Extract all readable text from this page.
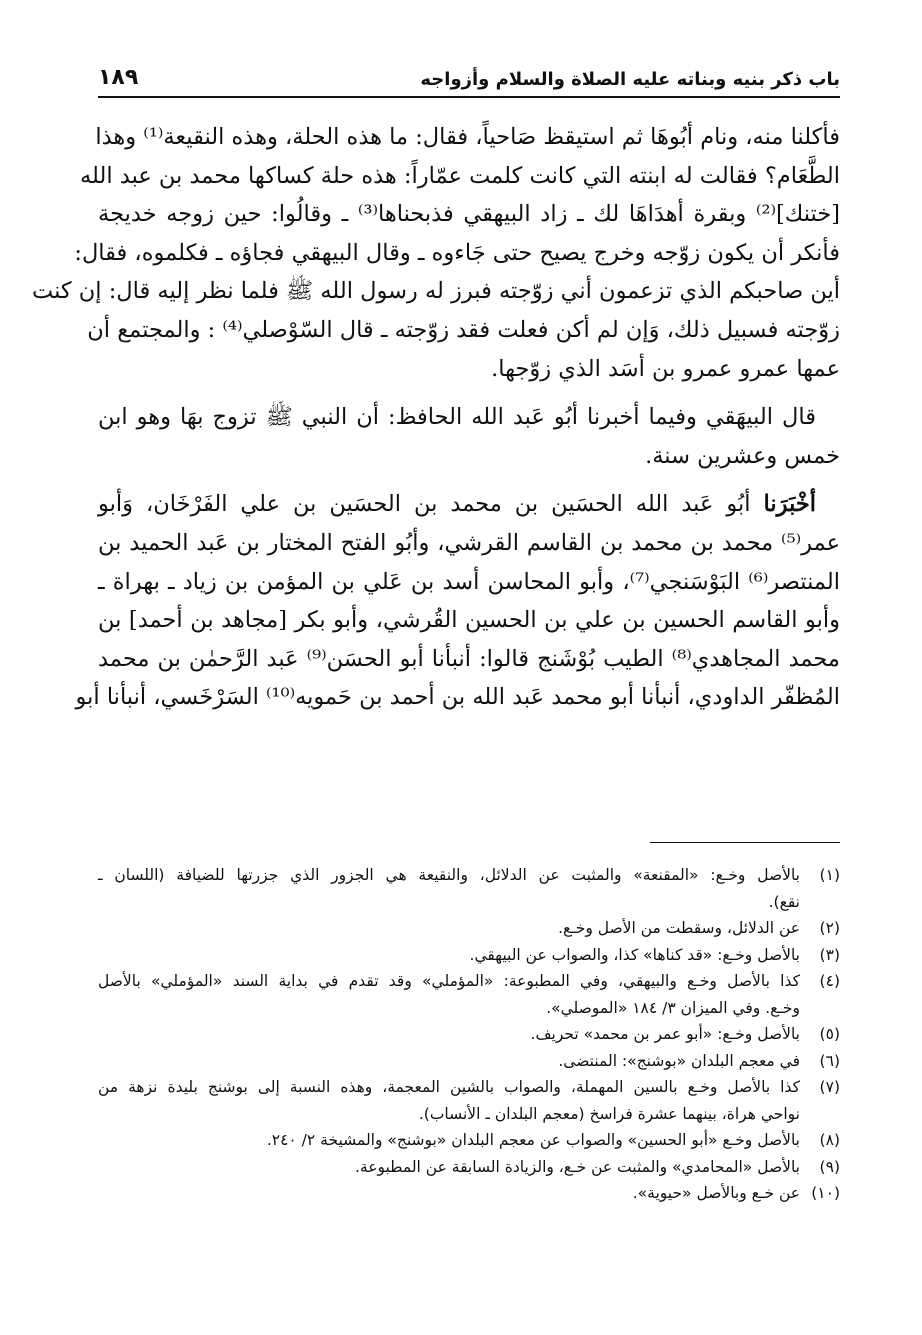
باب ذكر بنيه وبناته عليه الصلاة والسلام وأزواجه
١٨٩
فأكلنا منه، ونام أبُوهَا ثم استيقظ صَاحياً، فقال: ما هذه الحلة، وهذه النقيعة⁽¹⁾ وهذا
الطَّعَام؟ فقالت له ابنته التي كانت كلمت عمّاراً: هذه حلة كساكها محمد بن عبد الله
[ختنك]⁽²⁾ وبقرة أهدَاهَا لك ـ زاد البيهقي فذبحناها⁽³⁾ ـ وقالُوا: حين زوجه خديجة
فأنكر أن يكون زوّجه وخرج يصيح حتى جَاءوه ـ وقال البيهقي فجاؤه ـ فكلموه، فقال:
أين صاحبكم الذي تزعمون أني زوّجته فبرز له رسول الله ﷺ فلما نظر إليه قال: إن كنت
زوّجته فسبيل ذلك، وَإن لم أكن فعلت فقد زوّجته ـ قال السّوْصلي⁽⁴⁾ : والمجتمع أن
عمها عمرو عمرو بن أسَد الذي زوّجها.
قال البيهَقي وفيما أخبرنا أبُو عَبد الله الحافظ: أن النبي ﷺ تزوج بهَا وهو ابن
خمس وعشرين سنة.
أخْبَرَنا أبُو عَبد الله الحسَين بن محمد بن الحسَين بن علي الفَرْخَان، وَأبو
عمر⁽⁵⁾ محمد بن محمد بن القاسم القرشي، وأبُو الفتح المختار بن عَبد الحميد بن
المنتصر⁽⁶⁾ البَوْسَنجي⁽⁷⁾، وأبو المحاسن أسد بن عَلي بن المؤمن بن زياد ـ بهراة ـ
وأبو القاسم الحسين بن علي بن الحسين القُرشي، وأبو بكر [مجاهد بن أحمد] بن
محمد المجاهدي⁽⁸⁾ الطيب بُوْشَنج قالوا: أنبأنا أبو الحسَن⁽⁹⁾ عَبد الرَّحمٰن بن محمد
المُظفّر الداودي، أنبأنا أبو محمد عَبد الله بن أحمد بن حَمويه⁽¹⁰⁾ السَرْخَسي، أنبأنا أبو
(١)
بالأصل وخـع: «المقنعة» والمثبت عن الدلائل، والنقيعة هي الجزور الذي جزرتها للضيافة (اللسان ـ
نقع).
(٢)
عن الدلائل، وسقطت من الأصل وخـع.
(٣)
بالأصل وخـع: «قد كناها» كذا، والصواب عن البيهقي.
(٤)
كذا بالأصل وخـع والبيهقي، وفي المطبوعة: «المؤملي» وقد تقدم في بداية السند «المؤملي» بالأصل
وخـع. وفي الميزان ٣/ ١٨٤ «الموصلي».
(٥)
بالأصل وخـع: «أبو عمر بن محمد» تحريف.
(٦)
في معجم البلدان «بوشنج»: المنتضى.
(٧)
كذا بالأصل وخـع بالسين المهملة، والصواب بالشين المعجمة، وهذه النسبة إلى بوشنج بليدة نزهة من
نواحي هراة، بينهما عشرة فراسخ (معجم البلدان ـ الأنساب).
(٨)
بالأصل وخـع «أبو الحسين» والصواب عن معجم البلدان «بوشنج» والمشيخة ٢/ ٢٤٠.
(٩)
بالأصل «المحامدي» والمثبت عن خـع، والزيادة السابقة عن المطبوعة.
(١٠)
عن خـع وبالأصل «حيوية».
